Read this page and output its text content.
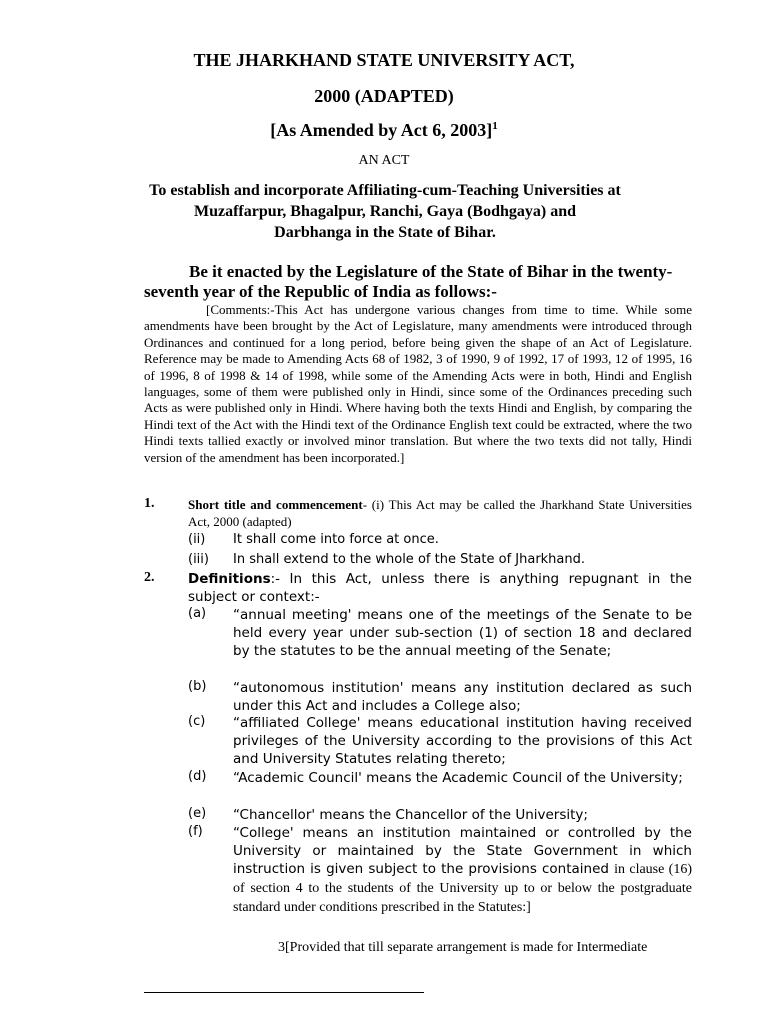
THE JHARKHAND STATE UNIVERSITY ACT,
2000 (ADAPTED)
[As Amended by Act 6, 2003]$^1$
AN ACT
To establish and incorporate Affiliating-cum-Teaching Universities at
Muzaffarpur, Bhagalpur, Ranchi, Gaya (Bodhgaya) and
Darbhanga in the State of Bihar.
Be it enacted by the Legislature of the State of Bihar in the twenty-
seventh year of the Republic of India as follows:-
[Comments:-This Act has undergone various changes from time to time. While some amendments have been brought by the Act of Legislature, many amendments were introduced through Ordinances and continued for a long period, before being given the shape of an Act of Legislature. Reference may be made to Amending Acts 68 of 1982, 3 of 1990, 9 of 1992, 17 of 1993, 12 of 1995, 16 of 1996, 8 of 1998 & 14 of 1998, while some of the Amending Acts were in both, Hindi and English languages, some of them were published only in Hindi, since some of the Ordinances preceding such Acts as were published only in Hindi. Where having both the texts Hindi and English, by comparing the Hindi text of the Act with the Hindi text of the Ordinance English text could be extracted, where the two Hindi texts tallied exactly or involved minor translation. But where the two texts did not tally, Hindi version of the amendment has been incorporated.]
1.	Short title and commencement- (i) This Act may be called the Jharkhand State Universities Act, 2000 (adapted)
(ii) It shall come into force at once.
(iii) In shall extend to the whole of the State of Jharkhand.
2. Definitions:- In this Act, unless there is anything repugnant in the subject or context:-
(a) “annual meeting' means one of the meetings of the Senate to be held every year under sub-section (1) of section 18 and declared by the statutes to be the annual meeting of the Senate;
(b) “autonomous institution' means any institution declared as such under this Act and includes a College also;
(c) “affiliated College' means educational institution having received privileges of the University according to the provisions of this Act and University Statutes relating thereto;
(d) “Academic Council' means the Academic Council of the University;
(e) “Chancellor' means the Chancellor of the University;
(f) “College' means an institution maintained or controlled by the University or maintained by the State Government in which instruction is given subject to the provisions contained in clause (16) of section 4 to the students of the University up to or below the postgraduate standard under conditions prescribed in the Statutes:]
3[Provided that till separate arrangement is made for Intermediate
